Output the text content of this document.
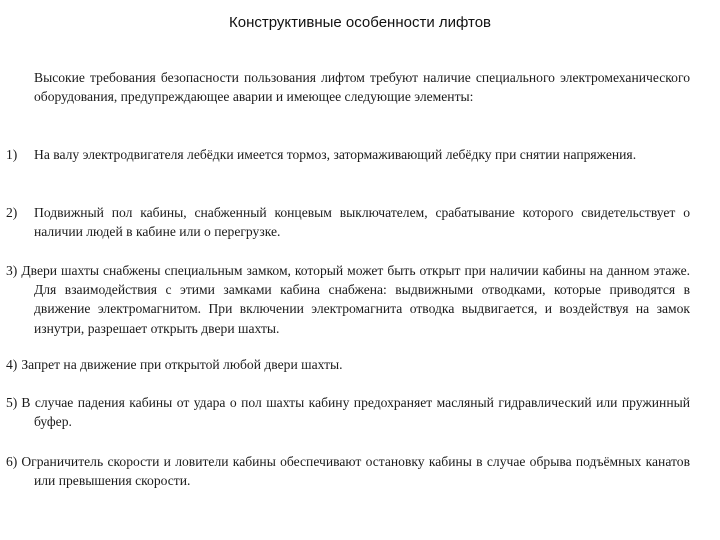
Конструктивные особенности лифтов
Высокие требования безопасности пользования лифтом требуют наличие специального электромеханического оборудования, предупреждающее аварии и имеющее следующие элементы:
1) На валу электродвигателя лебёдки имеется тормоз, затормаживающий лебёдку при снятии напряжения.
2) Подвижный пол кабины, снабженный концевым выключателем, срабатывание которого свидетельствует о наличии людей в кабине или о перегрузке.
3) Двери шахты снабжены специальным замком, который может быть открыт при наличии кабины на данном этаже. Для взаимодействия с этими замками кабина снабжена: выдвижными отводками, которые приводятся в движение электромагнитом. При включении электромагнита отводка выдвигается, и воздействуя на замок изнутри, разрешает открыть двери шахты.
4) Запрет на движение при открытой любой двери шахты.
5) В случае падения кабины от удара о пол шахты кабину предохраняет масляный гидравлический или пружинный буфер.
6) Ограничитель скорости и ловители кабины обеспечивают остановку кабины в случае обрыва подъёмных канатов или превышения скорости.
